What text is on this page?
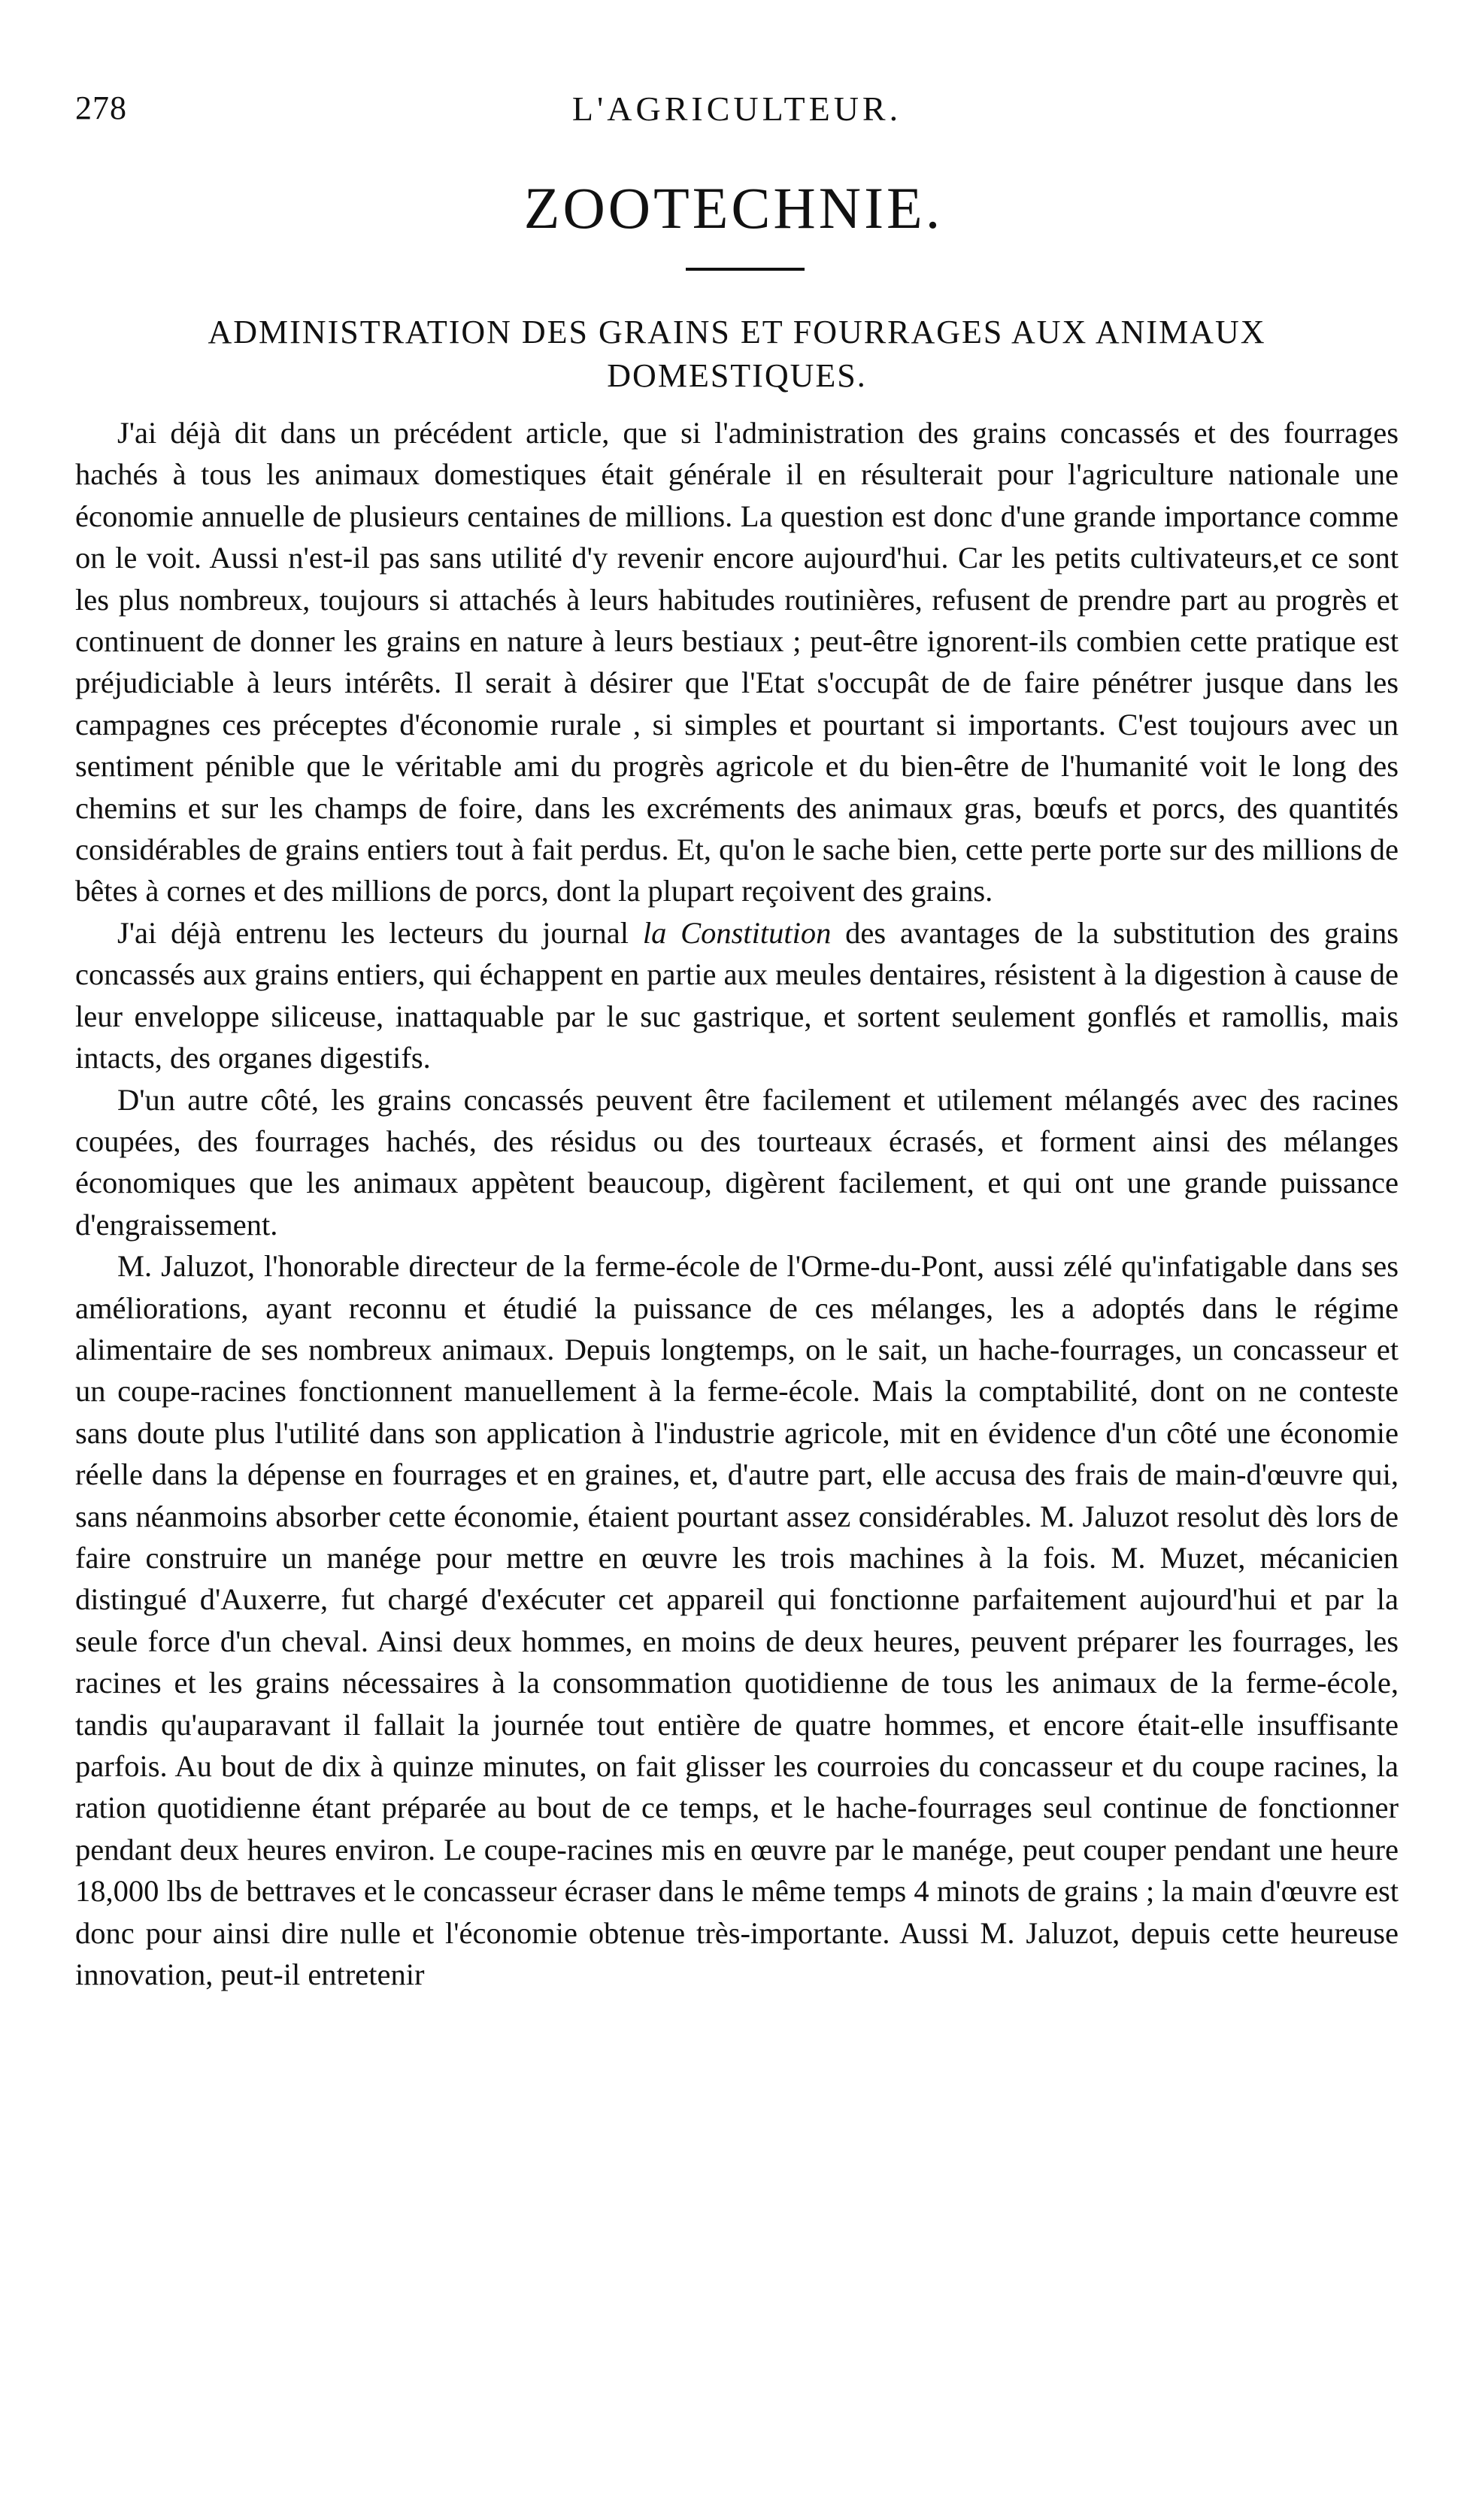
278	L'AGRICULTEUR.
ZOOTECHNIE.
ADMINISTRATION DES GRAINS ET FOURRAGES AUX ANIMAUX DOMESTIQUES.

J'ai déjà dit dans un précédent article, que si l'administration des grains concassés et des fourrages hachés à tous les animaux domestiques était générale il en résulterait pour l'agriculture nationale une économie annuelle de plusieurs centaines de millions. La question est donc d'une grande importance comme on le voit. Aussi n'est-il pas sans utilité d'y revenir encore aujourd'hui. Car les petits cultivateurs,et ce sont les plus nombreux, toujours si attachés à leurs habitudes routinières, refusent de prendre part au progrès et continuent de donner les grains en nature à leurs bestiaux ; peut-être ignorent-ils combien cette pratique est préjudiciable à leurs intérêts. Il serait à désirer que l'Etat s'occupât de de faire pénétrer jusque dans les campagnes ces préceptes d'économie rurale , si simples et pourtant si importants. C'est toujours avec un sentiment pénible que le véritable ami du progrès agricole et du bien-être de l'humanité voit le long des chemins et sur les champs de foire, dans les excréments des animaux gras, bœufs et porcs, des quantités considérables de grains entiers tout à fait perdus. Et, qu'on le sache bien, cette perte porte sur des millions de bêtes à cornes et des millions de porcs, dont la plupart reçoivent des grains.

J'ai déjà entrenu les lecteurs du journal la Constitution des avantages de la substitution des grains concassés aux grains entiers, qui échappent en partie aux meules dentaires, résistent à la digestion à cause de leur enveloppe siliceuse, inattaquable par le suc gastrique, et sortent seulement gonflés et ramollis, mais intacts, des organes digestifs.

D'un autre côté, les grains concassés peuvent être facilement et utilement mélangés avec des racines coupées, des fourrages hachés, des résidus ou des tourteaux écrasés, et forment ainsi des mélanges économiques que les animaux appètent beaucoup, digèrent facilement, et qui ont une grande puissance d'engraissement.

M. Jaluzot, l'honorable directeur de la ferme-école de l'Orme-du-Pont, aussi zélé qu'infatigable dans ses améliorations, ayant reconnu et étudié la puissance de ces mélanges, les a adoptés dans le régime alimentaire de ses nombreux animaux. Depuis longtemps, on le sait, un hache-fourrages, un concasseur et un coupe-racines fonctionnent manuellement à la ferme-école. Mais la comptabilité, dont on ne conteste sans doute plus l'utilité dans son application à l'industrie agricole, mit en évidence d'un côté une économie réelle dans la dépense en fourrages et en graines, et, d'autre part, elle accusa des frais de main-d'œuvre qui, sans néanmoins absorber cette économie, étaient pourtant assez considérables. M. Jaluzot resolut dès lors de faire construire un manége pour mettre en œuvre les trois machines à la fois. M. Muzet, mécanicien distingué d'Auxerre, fut chargé d'exécuter cet appareil qui fonctionne parfaitement aujourd'hui et par la seule force d'un cheval. Ainsi deux hommes, en moins de deux heures, peuvent préparer les fourrages, les racines et les grains nécessaires à la consommation quotidienne de tous les animaux de la ferme-école, tandis qu'auparavant il fallait la journée tout entière de quatre hommes, et encore était-elle insuffisante parfois. Au bout de dix à quinze minutes, on fait glisser les courroies du concasseur et du coupe racines, la ration quotidienne étant préparée au bout de ce temps, et le hache-fourrages seul continue de fonctionner pendant deux heures environ. Le coupe-racines mis en œuvre par le manége, peut couper pendant une heure 18,000 lbs de bettraves et le concasseur écraser dans le même temps 4 minots de grains ; la main d'œuvre est donc pour ainsi dire nulle et l'économie obtenue très-importante. Aussi M. Jaluzot, depuis cette heureuse innovation, peut-il entretenir
